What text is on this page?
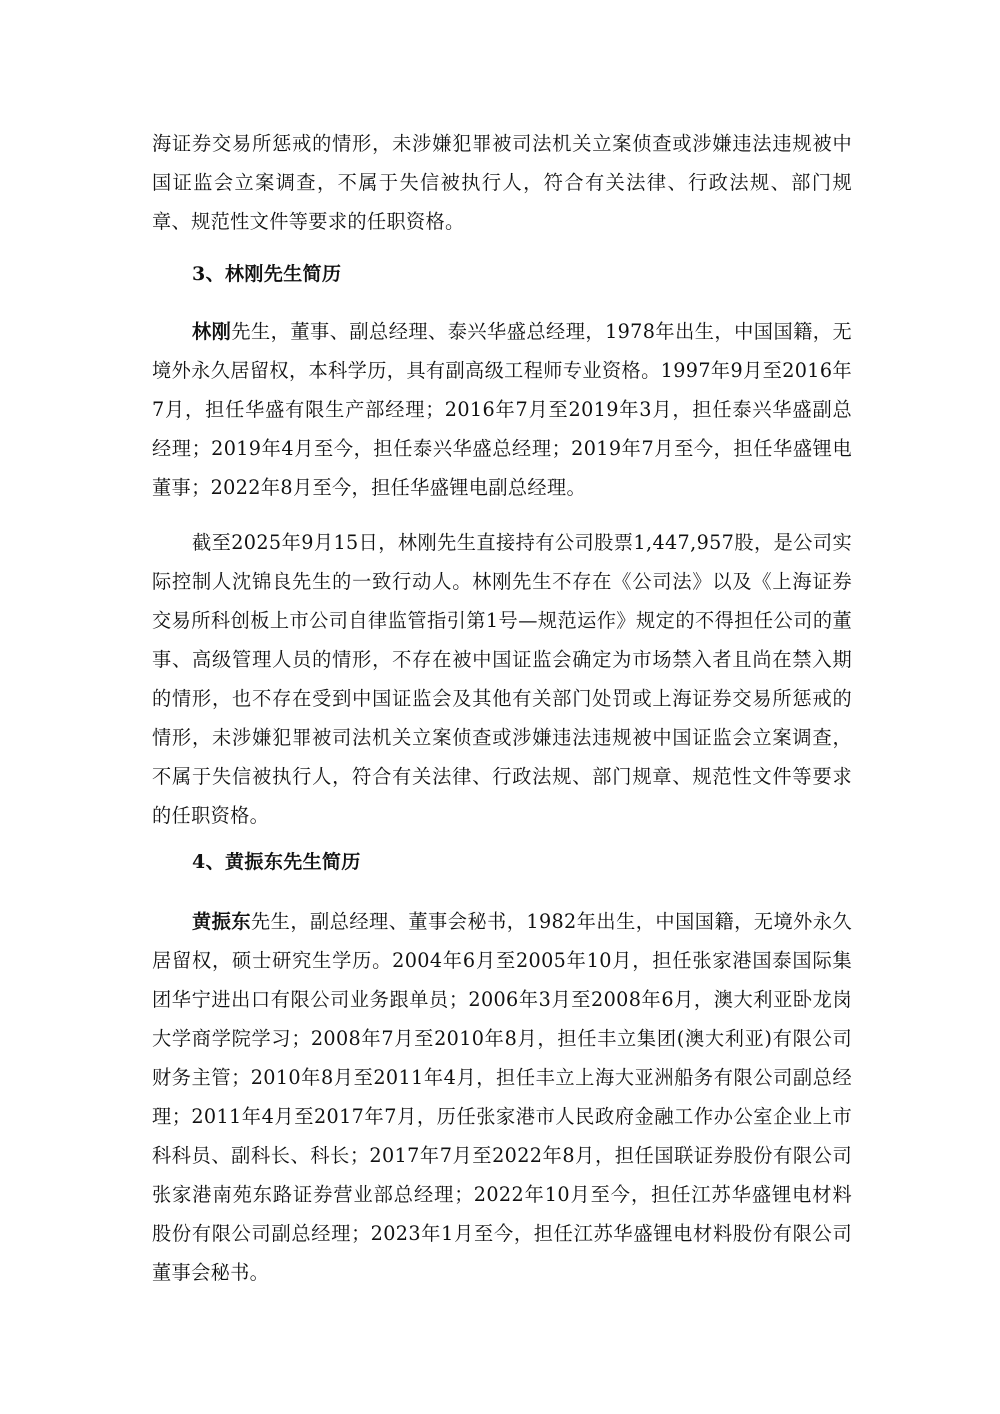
海证券交易所惩戒的情形，未涉嫌犯罪被司法机关立案侦查或涉嫌违法违规被中国证监会立案调查，不属于失信被执行人，符合有关法律、行政法规、部门规章、规范性文件等要求的任职资格。

3、林刚先生简历

林刚先生，董事、副总经理、泰兴华盛总经理，1978年出生，中国国籍，无境外永久居留权，本科学历，具有副高级工程师专业资格。1997年9月至2016年7月，担任华盛有限生产部经理；2016年7月至2019年3月，担任泰兴华盛副总经理；2019年4月至今，担任泰兴华盛总经理；2019年7月至今，担任华盛锂电董事；2022年8月至今，担任华盛锂电副总经理。

截至2025年9月15日，林刚先生直接持有公司股票1,447,957股，是公司实际控制人沈锦良先生的一致行动人。林刚先生不存在《公司法》以及《上海证券交易所科创板上市公司自律监管指引第1号—规范运作》规定的不得担任公司的董事、高级管理人员的情形，不存在被中国证监会确定为市场禁入者且尚在禁入期的情形，也不存在受到中国证监会及其他有关部门处罚或上海证券交易所惩戒的情形，未涉嫌犯罪被司法机关立案侦查或涉嫌违法违规被中国证监会立案调查，不属于失信被执行人，符合有关法律、行政法规、部门规章、规范性文件等要求的任职资格。

4、黄振东先生简历

黄振东先生，副总经理、董事会秘书，1982年出生，中国国籍，无境外永久居留权，硕士研究生学历。2004年6月至2005年10月，担任张家港国泰国际集团华宁进出口有限公司业务跟单员；2006年3月至2008年6月，澳大利亚卧龙岗大学商学院学习；2008年7月至2010年8月，担任丰立集团(澳大利亚)有限公司财务主管；2010年8月至2011年4月，担任丰立上海大亚洲船务有限公司副总经理；2011年4月至2017年7月，历任张家港市人民政府金融工作办公室企业上市科科员、副科长、科长；2017年7月至2022年8月，担任国联证券股份有限公司张家港南苑东路证券营业部总经理；2022年10月至今，担任江苏华盛锂电材料股份有限公司副总经理；2023年1月至今，担任江苏华盛锂电材料股份有限公司董事会秘书。
